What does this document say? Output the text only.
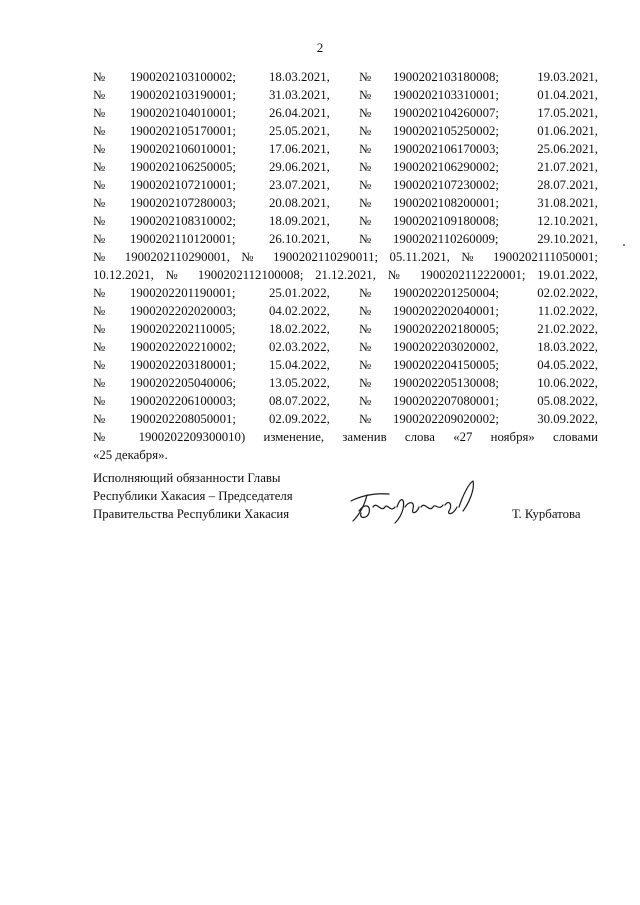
2
№ 1900202103100002;	18.03.2021, № 1900202103180008;	19.03.2021,
№ 1900202103190001;	31.03.2021, № 1900202103310001;	01.04.2021,
№ 1900202104010001;	26.04.2021, № 1900202104260007;	17.05.2021,
№ 1900202105170001;	25.05.2021, № 1900202105250002;	01.06.2021,
№ 1900202106010001;	17.06.2021, № 1900202106170003;	25.06.2021,
№ 1900202106250005;	29.06.2021, № 1900202106290002;	21.07.2021,
№ 1900202107210001;	23.07.2021, № 1900202107230002;	28.07.2021,
№ 1900202107280003;	20.08.2021, № 1900202108200001;	31.08.2021,
№ 1900202108310002;	18.09.2021, № 1900202109180008;	12.10.2021,
№ 1900202110120001;	26.10.2021, № 1900202110260009;	29.10.2021,
№ 1900202110290001, № 1900202110290011; 05.11.2021, № 1900202111050001;
10.12.2021, № 1900202112100008; 21.12.2021, № 1900202112220001; 19.01.2022,
№ 1900202201190001;	25.01.2022, № 1900202201250004;	02.02.2022,
№ 1900202202020003;	04.02.2022, № 1900202202040001;	11.02.2022,
№ 1900202202110005;	18.02.2022, № 1900202202180005;	21.02.2022,
№ 1900202202210002;	02.03.2022, № 1900202203020002,	18.03.2022,
№ 1900202203180001;	15.04.2022, № 1900202204150005;	04.05.2022,
№ 1900202205040006;	13.05.2022, № 1900202205130008;	10.06.2022,
№ 1900202206100003;	08.07.2022, № 1900202207080001;	05.08.2022,
№ 1900202208050001;	02.09.2022, № 1900202209020002;	30.09.2022,
№ 1900202209300010) изменение, заменив слова «27 ноября» словами
«25 декабря».
Исполняющий обязанности Главы
Республики Хакасия – Председателя
Правительства Республики Хакасия	Т. Курбатова
